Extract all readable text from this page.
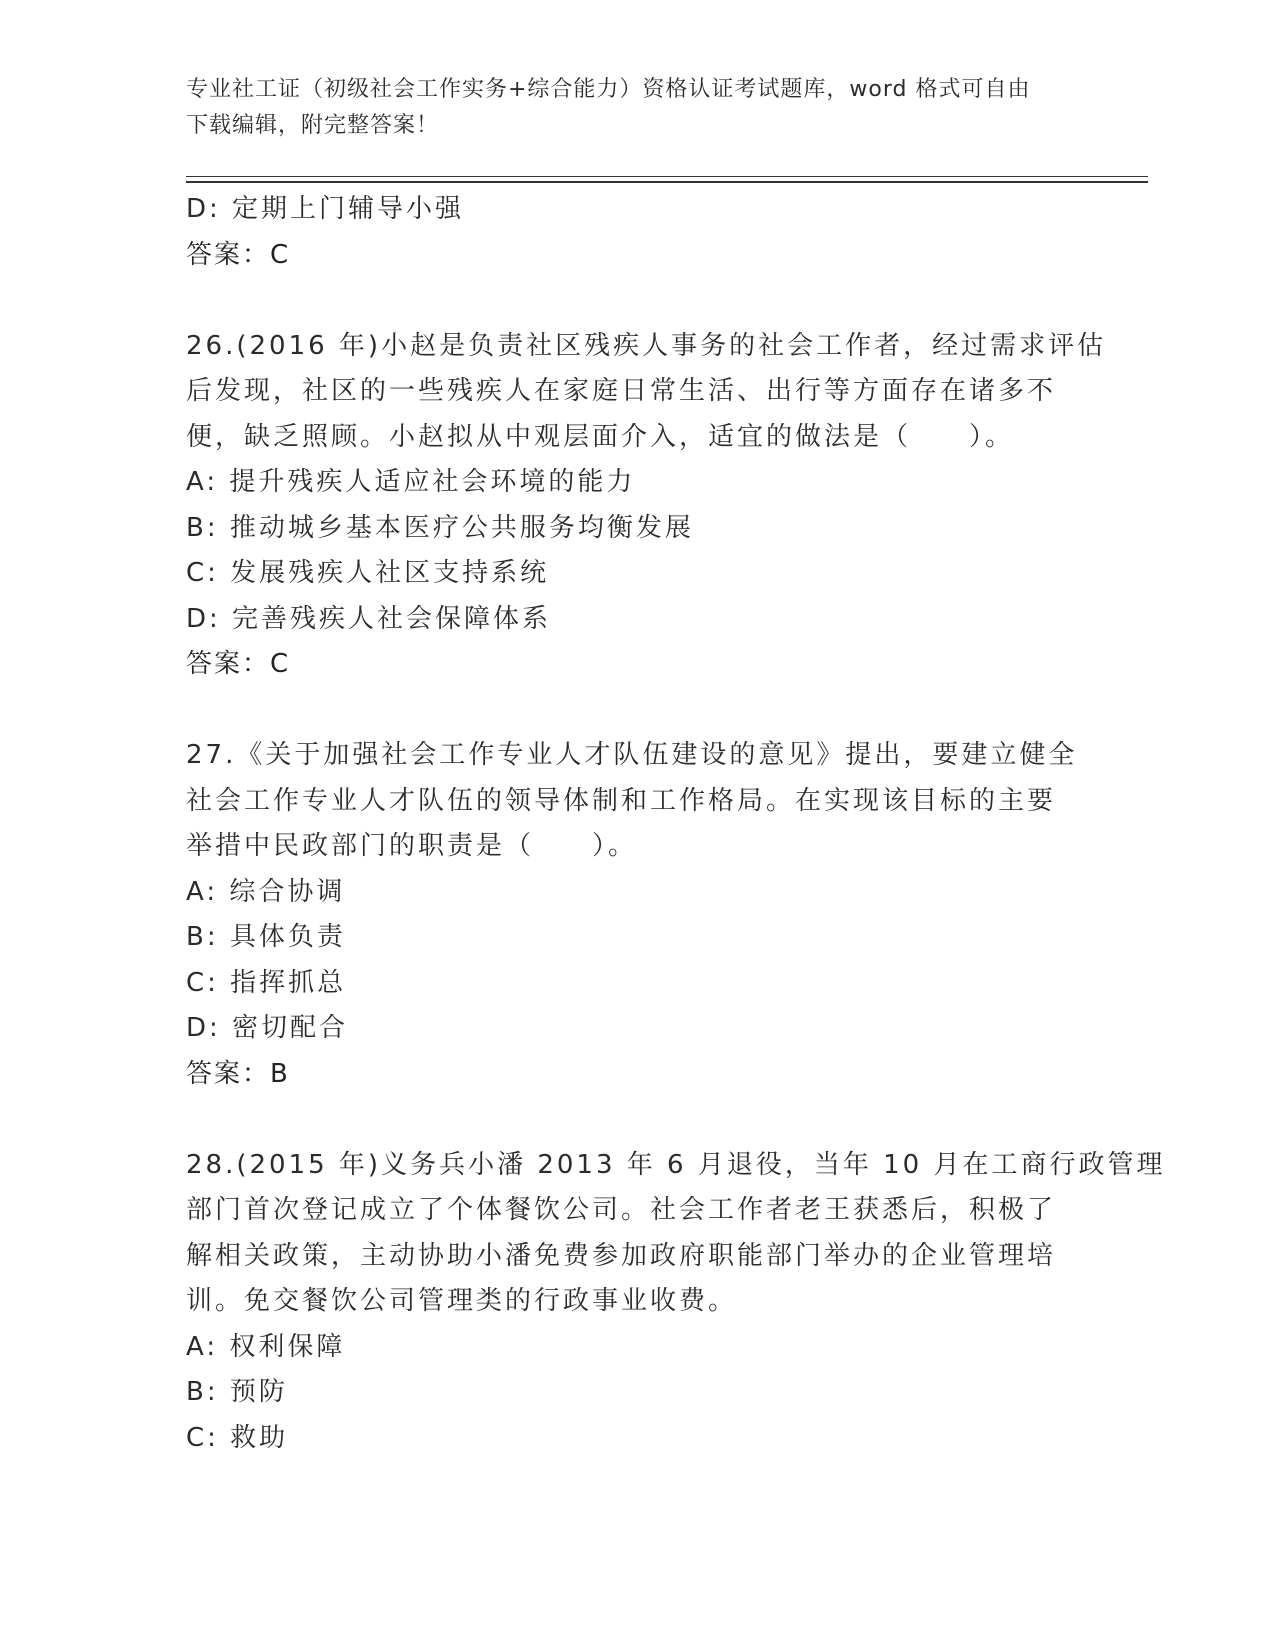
专业社工证（初级社会工作实务+综合能力）资格认证考试题库，word 格式可自由
下载编辑，附完整答案！
D: 定期上门辅导小强
答案：C
26.(2016 年)小赵是负责社区残疾人事务的社会工作者，经过需求评估
后发现，社区的一些残疾人在家庭日常生活、出行等方面存在诸多不
便，缺乏照顾。小赵拟从中观层面介入，适宜的做法是（　　）。
A: 提升残疾人适应社会环境的能力
B: 推动城乡基本医疗公共服务均衡发展
C: 发展残疾人社区支持系统
D: 完善残疾人社会保障体系
答案：C
27.《关于加强社会工作专业人才队伍建设的意见》提出，要建立健全
社会工作专业人才队伍的领导体制和工作格局。在实现该目标的主要
举措中民政部门的职责是（　　）。
A: 综合协调
B: 具体负责
C: 指挥抓总
D: 密切配合
答案：B
28.(2015 年)义务兵小潘 2013 年 6 月退役，当年 10 月在工商行政管理
部门首次登记成立了个体餐饮公司。社会工作者老王获悉后，积极了
解相关政策，主动协助小潘免费参加政府职能部门举办的企业管理培
训。免交餐饮公司管理类的行政事业收费。
A: 权利保障
B: 预防
C: 救助
